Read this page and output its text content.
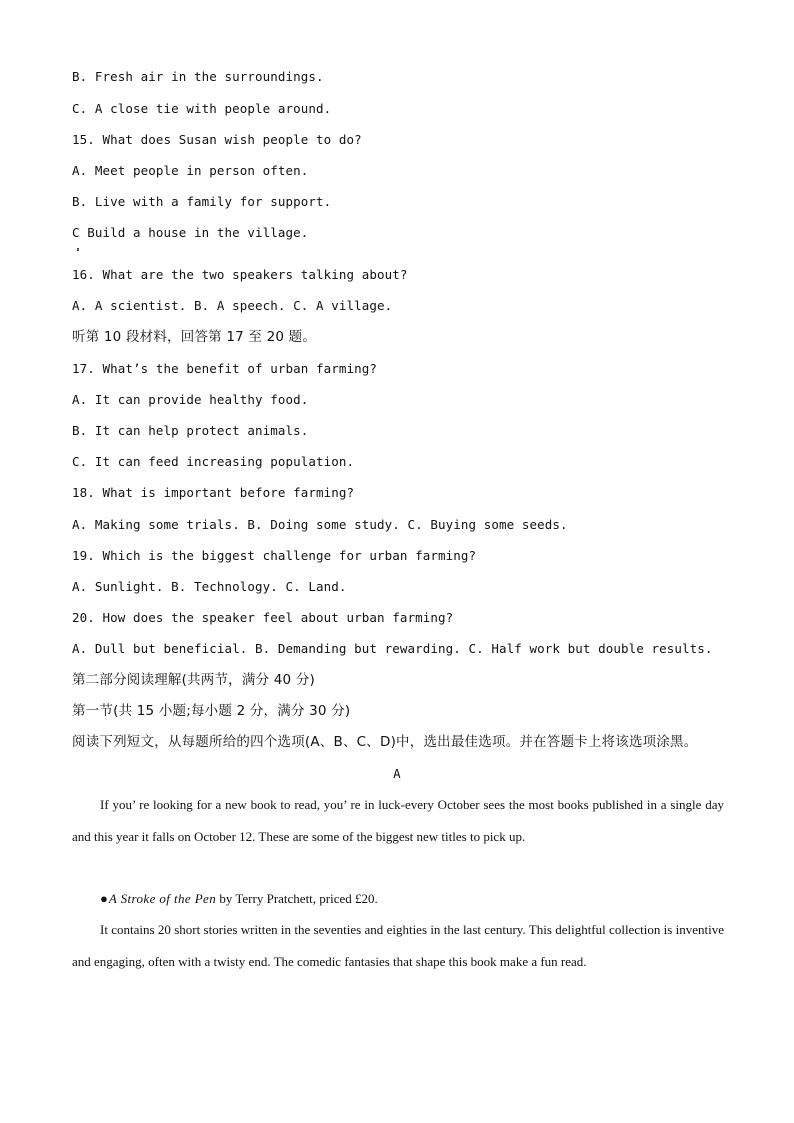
B. Fresh air in the surroundings.
C. A close tie with people around.
15. What does Susan wish people to do?
A. Meet people in person often.
B. Live with a family for support.
C Build a house in the village.
16. What are the two speakers talking about?
A. A scientist. B. A speech. C. A village.
听第 10 段材料，回答第 17 至 20 题。
17. What’s the benefit of urban farming?
A. It can provide healthy food.
B. It can help protect animals.
C. It can feed increasing population.
18. What is important before farming?
A. Making some trials. B. Doing some study. C. Buying some seeds.
19. Which is the biggest challenge for urban farming?
A. Sunlight. B. Technology. C. Land.
20. How does the speaker feel about urban farming?
A. Dull but beneficial. B. Demanding but rewarding. C. Half work but double results.
第二部分阅读理解(共两节，满分 40 分)
第一节(共 15 小题;每小题 2 分，满分 30 分)
阅读下列短文，从每题所给的四个选项(A、B、C、D)中，选出最佳选项。并在答题卡上将该选项涂黑。
A

If you’ re looking for a new book to read, you’ re in luck-every October sees the most books published in a single day and this year it falls on October 12. These are some of the biggest new titles to pick up.

●A Stroke of the Pen by Terry Pratchett, priced £20.

It contains 20 short stories written in the seventies and eighties in the last century. This delightful collection is inventive and engaging, often with a twisty end. The comedic fantasies that shape this book make a fun read.
